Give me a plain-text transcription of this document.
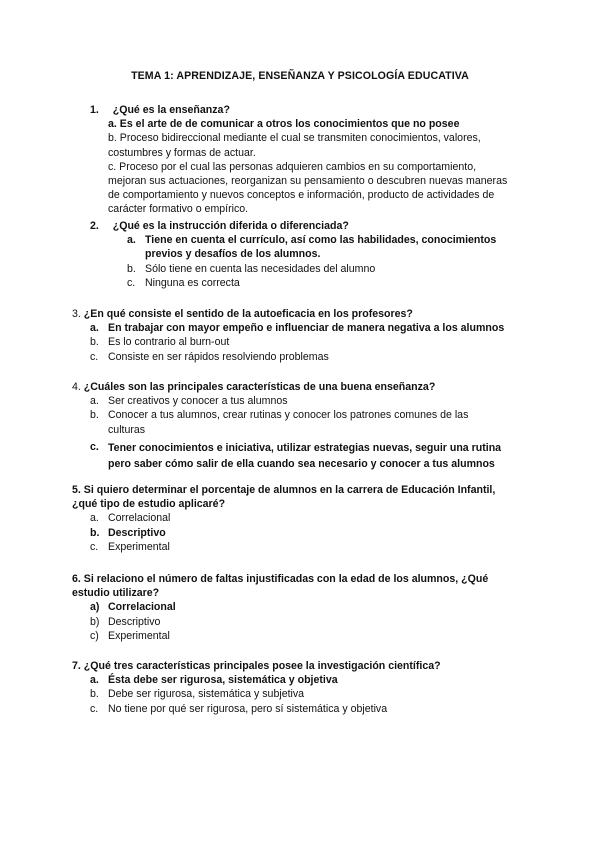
TEMA 1: APRENDIZAJE, ENSEÑANZA Y PSICOLOGÍA EDUCATIVA
1. ¿Qué es la enseñanza?
a. Es el arte de de comunicar a otros los conocimientos que no posee
b. Proceso bidireccional mediante el cual se transmiten conocimientos, valores,
costumbres y formas de actuar.
c. Proceso por el cual las personas adquieren cambios en su comportamiento,
mejoran sus actuaciones, reorganizan su pensamiento o descubren nuevas maneras
de comportamiento y nuevos conceptos e información, producto de actividades de
carácter formativo o empírico.
2. ¿Qué es la instrucción diferida o diferenciada?
a. Tiene en cuenta el currículo, así como las habilidades, conocimientos
previos y desafíos de los alumnos.
b. Sólo tiene en cuenta las necesidades del alumno
c. Ninguna es correcta
3. ¿En qué consiste el sentido de la autoeficacia en los profesores?
a. En trabajar con mayor empeño e influenciar de manera negativa a los alumnos
b. Es lo contrario al burn-out
c. Consiste en ser rápidos resolviendo problemas
4. ¿Cuáles son las principales características de una buena enseñanza?
a. Ser creativos y conocer a tus alumnos
b. Conocer a tus alumnos, crear rutinas y conocer los patrones comunes de las
culturas
c. Tener conocimientos e iniciativa, utilizar estrategias nuevas, seguir una rutina
pero saber cómo salir de ella cuando sea necesario y conocer a tus alumnos
5. Si quiero determinar el porcentaje de alumnos en la carrera de Educación Infantil,
¿qué tipo de estudio aplicaré?
a. Correlacional
b. Descriptivo
c. Experimental
6. Si relaciono el número de faltas injustificadas con la edad de los alumnos, ¿Qué
estudio utilizare?
a) Correlacional
b) Descriptivo
c) Experimental
7. ¿Qué tres características principales posee la investigación científica?
a. Ésta debe ser rigurosa, sistemática y objetiva
b. Debe ser rigurosa, sistemática y subjetiva
c. No tiene por qué ser rigurosa, pero sí sistemática y objetiva
